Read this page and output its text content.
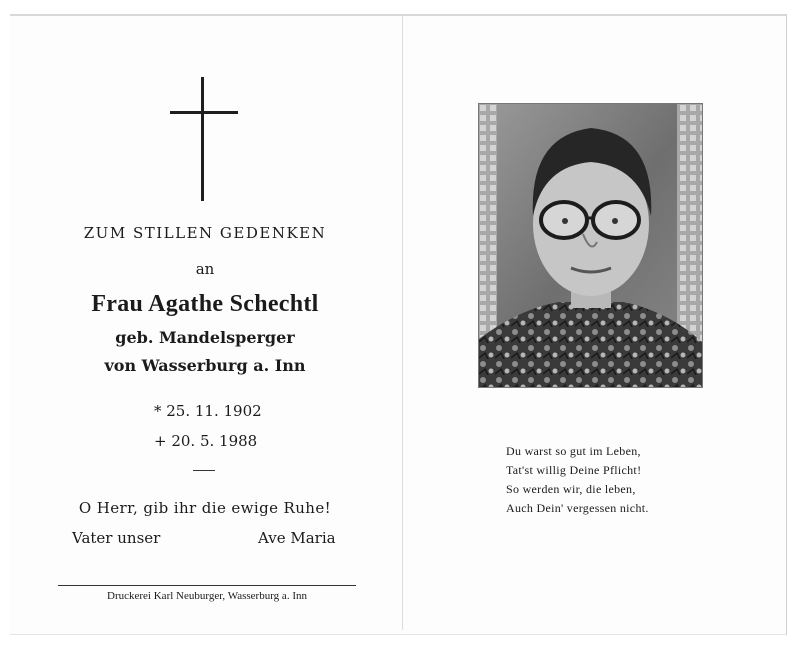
ZUM STILLEN GEDENKEN
an
Frau Agathe Schechtl
geb. Mandelsperger
von Wasserburg a. Inn
* 25. 11. 1902
+ 20. 5. 1988
O Herr, gib ihr die ewige Ruhe!
Vater unser	Ave Maria
Druckerei Karl Neuburger, Wasserburg a. Inn
Du warst so gut im Leben,
Tat'st willig Deine Pflicht!
So werden wir, die leben,
Auch Dein' vergessen nicht.
